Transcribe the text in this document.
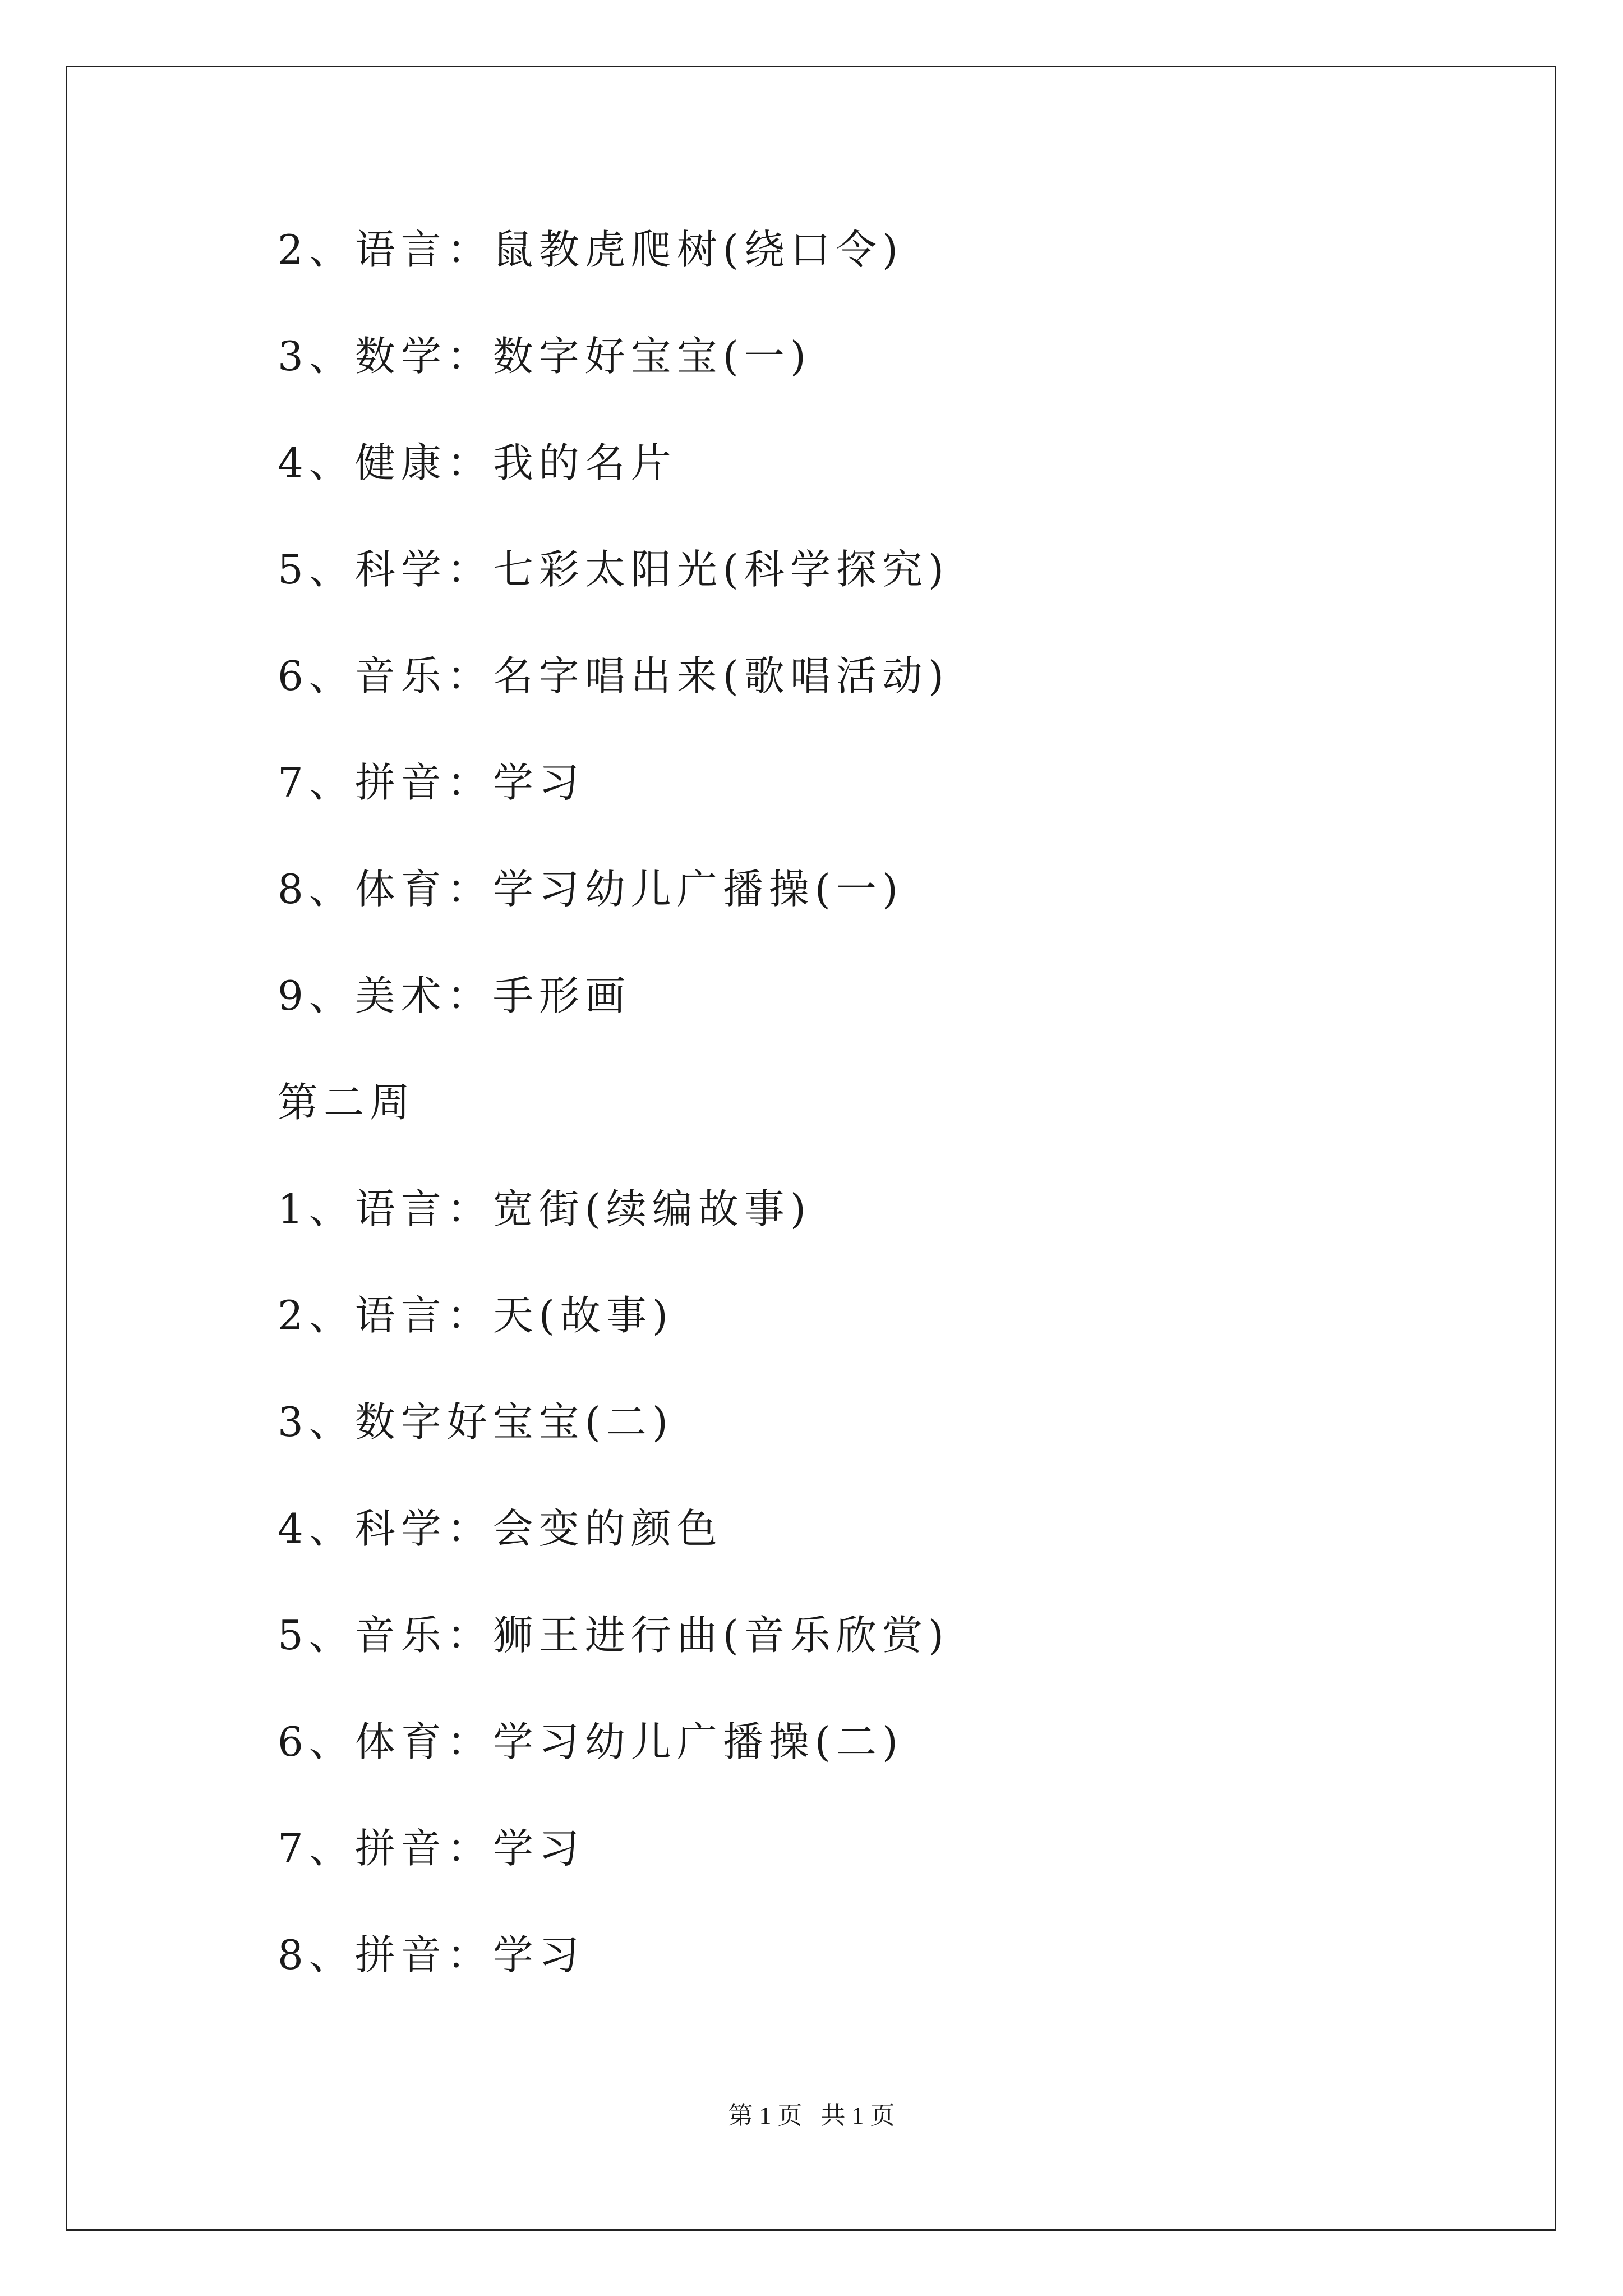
2、语言：鼠教虎爬树(绕口令)
3、数学：数字好宝宝(一)
4、健康：我的名片
5、科学：七彩太阳光(科学探究)
6、音乐：名字唱出来(歌唱活动)
7、拼音：学习
8、体育：学习幼儿广播操(一)
9、美术：手形画
第二周
1、语言：宽街(续编故事)
2、语言：天(故事)
3、数字好宝宝(二)
4、科学：会变的颜色
5、音乐：狮王进行曲(音乐欣赏)
6、体育：学习幼儿广播操(二)
7、拼音：学习
8、拼音：学习
第 1 页   共 1 页
